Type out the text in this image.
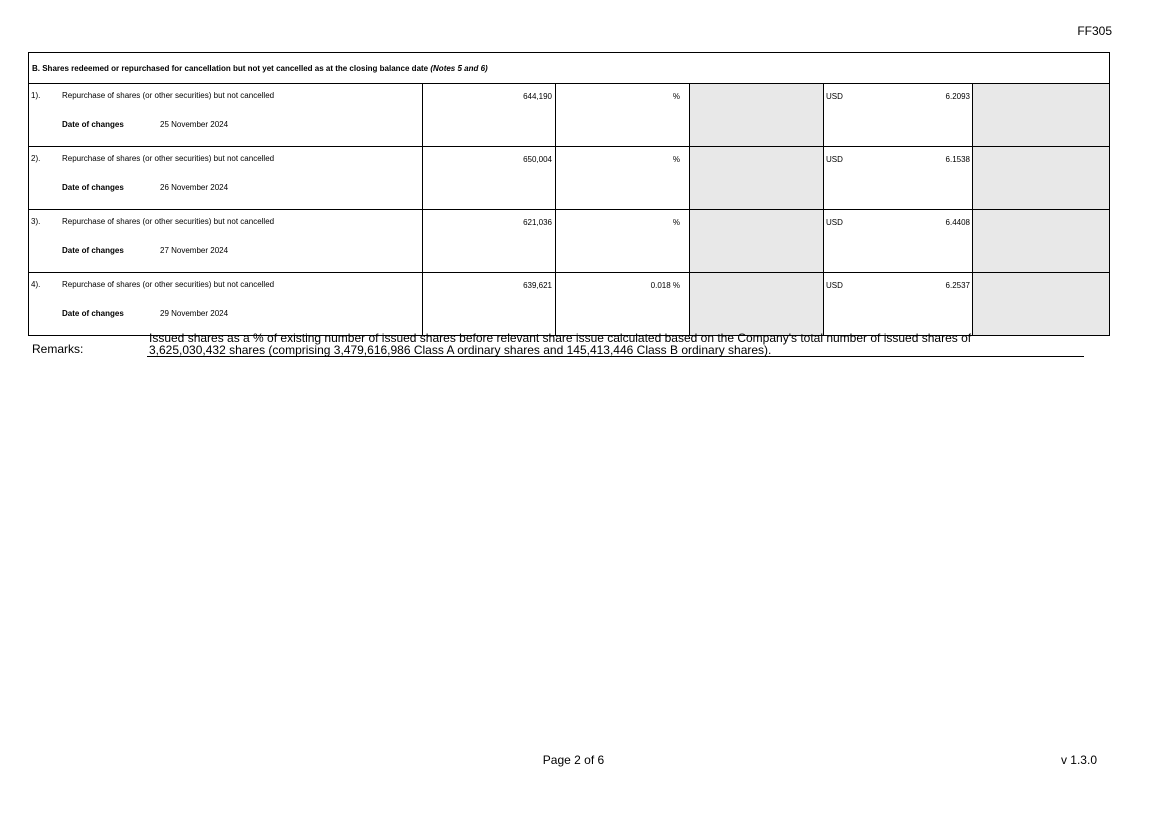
FF305
B. Shares redeemed or repurchased for cancellation but not yet cancelled as at the closing balance date (Notes 5 and 6)					

1). Repurchase of shares (or other securities) but not cancelled
Date of changes 25 November 2024	644,190	%		USD 6.2093	

2). Repurchase of shares (or other securities) but not cancelled
Date of changes 26 November 2024	650,004	%		USD 6.1538	

3). Repurchase of shares (or other securities) but not cancelled
Date of changes 27 November 2024	621,036	%		USD 6.4408	

4). Repurchase of shares (or other securities) but not cancelled
Date of changes 29 November 2024	639,621	0.018 %		USD 6.2537	

Remarks:
Issued shares as a % of existing number of issued shares before relevant share issue calculated based on the Company's total number of issued shares of
3,625,030,432 shares (comprising 3,479,616,986 Class A ordinary shares and 145,413,446 Class B ordinary shares).
Page 2 of 6	v 1.3.0
